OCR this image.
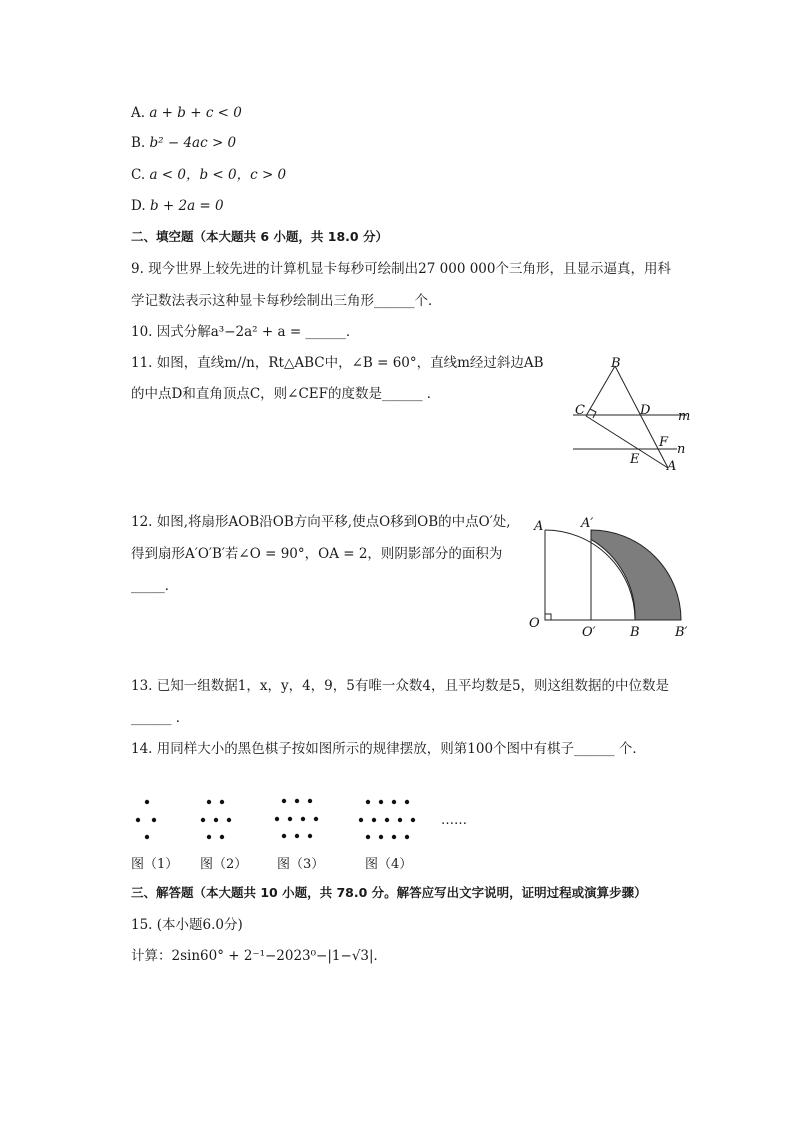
A. a + b + c < 0
B. b² − 4ac > 0
C. a < 0，b < 0，c > 0
D. b + 2a = 0
二、填空题（本大题共 6 小题，共 18.0 分）
9. 现今世界上较先进的计算机显卡每秒可绘制出27 000 000个三角形，且显示逼真，用科
学记数法表示这种显卡每秒绘制出三角形______个．
10. 因式分解a³−2a² + a = ______．
11. 如图，直线m//n，Rt△ABC中，∠B = 60°，直线m经过斜边AB
的中点D和直角顶点C，则∠CEF的度数是______ ．
B
C	D m
F n
E A
12. 如图,将扇形AOB沿OB方向平移,使点O移到OB的中点O′处,
得到扇形A′O′B′若∠O = 90°，OA = 2，则阴影部分的面积为
_____．
A	A′
O
O′	B	B′
13. 已知一组数据1，x，y，4，9，5有唯一众数4，且平均数是5，则这组数据的中位数是
______ ．
14. 用同样大小的黑色棋子按如图所示的规律摆放，则第100个图中有棋子______ 个．
……
图（1） 图（2） 图（3）	图（4）
三、解答题（本大题共 10 小题，共 78.0 分。解答应写出文字说明，证明过程或演算步骤）
15. (本小题6.0分)
计算：2sin60° + 2⁻¹−2023⁰−|1−√3|．
